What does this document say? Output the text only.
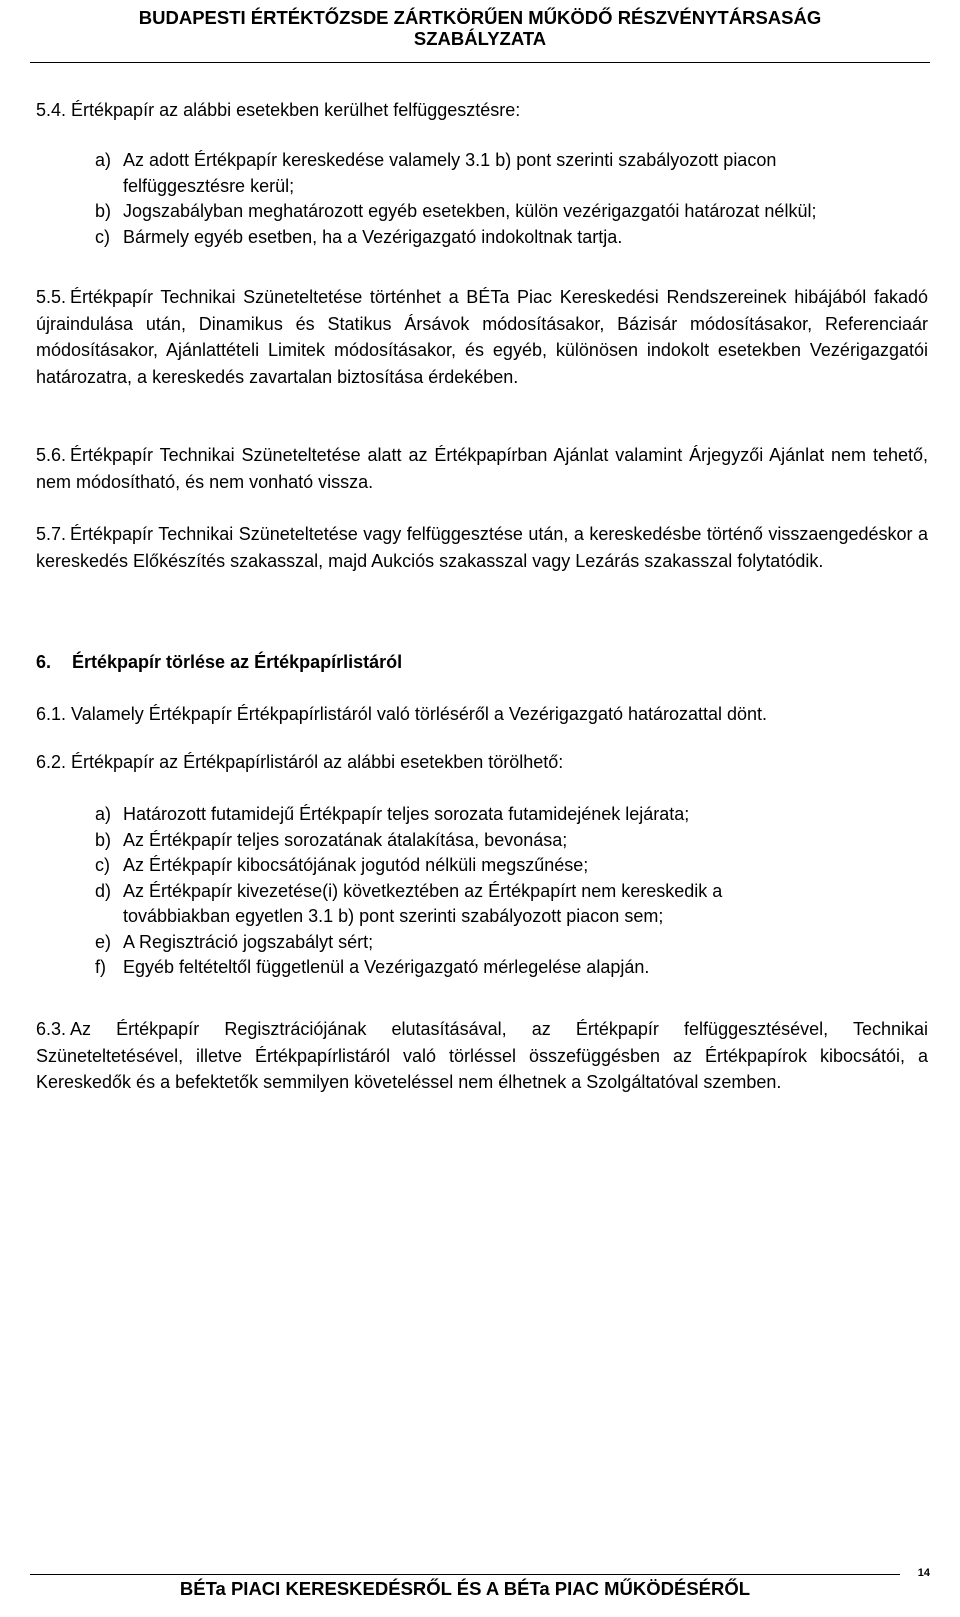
BUDAPESTI ÉRTÉKTŐZSDE ZÁRTKÖRŰEN MŰKÖDŐ RÉSZVÉNYTÁRSASÁG
SZABÁLYZATA
5.4. Értékpapír az alábbi esetekben kerülhet felfüggesztésre:
a) Az adott Értékpapír kereskedése valamely 3.1 b) pont szerinti szabályozott piacon felfüggesztésre kerül;
b) Jogszabályban meghatározott egyéb esetekben, külön vezérigazgatói határozat nélkül;
c) Bármely egyéb esetben, ha a Vezérigazgató indokoltnak tartja.
5.5. Értékpapír Technikai Szüneteltetése történhet a BÉTa Piac Kereskedési Rendszereinek hibájából fakadó újraindulása után, Dinamikus és Statikus Ársávok módosításakor, Bázisár módosításakor, Referenciaár módosításakor, Ajánlattételi Limitek módosításakor, és egyéb, különösen indokolt esetekben Vezérigazgatói határozatra, a kereskedés zavartalan biztosítása érdekében.
5.6. Értékpapír Technikai Szüneteltetése alatt az Értékpapírban Ajánlat valamint Árjegyzői Ajánlat nem tehető, nem módosítható, és nem vonható vissza.
5.7. Értékpapír Technikai Szüneteltetése vagy felfüggesztése után, a kereskedésbe történő visszaengedéskor a kereskedés Előkészítés szakasszal, majd Aukciós szakasszal vagy Lezárás szakasszal folytatódik.
6. Értékpapír törlése az Értékpapírlistáról
6.1. Valamely Értékpapír Értékpapírlistáról való törléséről a Vezérigazgató határozattal dönt.
6.2. Értékpapír az Értékpapírlistáról az alábbi esetekben törölhető:
a) Határozott futamidejű Értékpapír teljes sorozata futamidejének lejárata;
b) Az Értékpapír teljes sorozatának átalakítása, bevonása;
c) Az Értékpapír kibocsátójának jogutód nélküli megszűnése;
d) Az Értékpapír kivezetése(i) következtében az Értékpapírt nem kereskedik a továbbiakban egyetlen 3.1 b) pont szerinti szabályozott piacon sem;
e) A Regisztráció jogszabályt sért;
f) Egyéb feltételtől függetlenül a Vezérigazgató mérlegelése alapján.
6.3. Az Értékpapír Regisztrációjának elutasításával, az Értékpapír felfüggesztésével, Technikai Szüneteltetésével, illetve Értékpapírlistáról való törléssel összefüggésben az Értékpapírok kibocsátói, a Kereskedők és a befektetők semmilyen követeléssel nem élhetnek a Szolgáltatóval szemben.
14
BÉTa PIACI KERESKEDÉSRŐL ÉS A BÉTa PIAC MŰKÖDÉSÉRŐL
